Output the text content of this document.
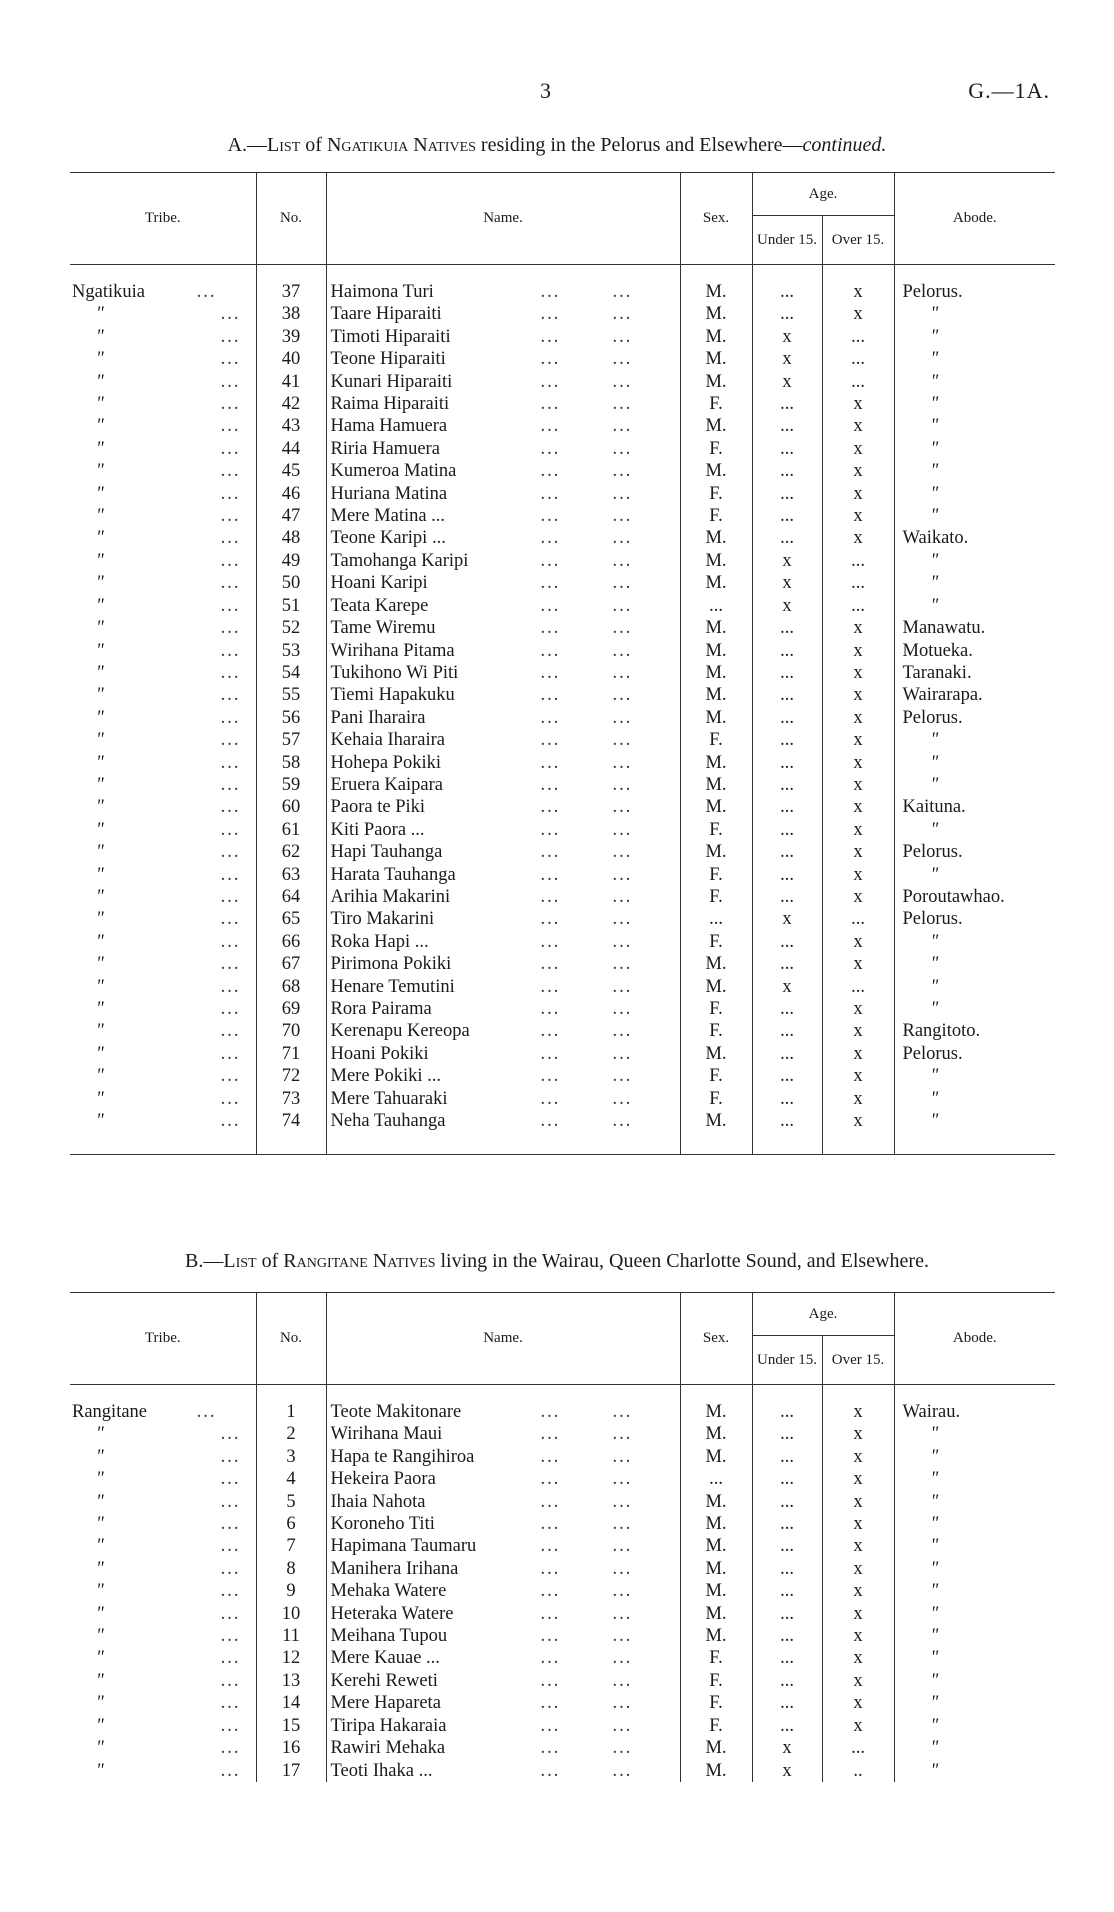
3	G.—1A.
A.—List of Ngatikuia Natives residing in the Pelorus and Elsewhere—continued.
Tribe.	No.	Name.	Sex.	Age.		Abode.
				Under 15.	Over 15.	

Ngatikuia ...	37	Haimona Turi ... ...	M.	...	x	Pelorus.
" ...	38	Taare Hiparaiti ... ...	M.	...	x	"
" ...	39	Timoti Hiparaiti ... ...	M.	x	...	"
" ...	40	Teone Hiparaiti ... ...	M.	x	...	"
" ...	41	Kunari Hiparaiti ... ...	M.	x	...	"
" ...	42	Raima Hiparaiti ... ...	F.	...	x	"
" ...	43	Hama Hamuera ... ...	M.	...	x	"
" ...	44	Riria Hamuera ... ...	F.	...	x	"
" ...	45	Kumeroa Matina ... ...	M.	...	x	"
" ...	46	Huriana Matina ... ...	F.	...	x	"
" ...	47	Mere Matina ... ... ...	F.	...	x	"
" ...	48	Teone Karipi ... ... ...	M.	...	x	Waikato.
" ...	49	Tamohanga Karipi ... ...	M.	x	...	"
" ...	50	Hoani Karipi ... ...	M.	x	...	"
" ...	51	Teata Karepe ... ...	...	x	...	"
" ...	52	Tame Wiremu ... ...	M.	...	x	Manawatu.
" ...	53	Wirihana Pitama ... ...	M.	...	x	Motueka.
" ...	54	Tukihono Wi Piti ... ...	M.	...	x	Taranaki.
" ...	55	Tiemi Hapakuku ... ...	M.	...	x	Wairarapa.
" ...	56	Pani Iharaira ... ...	M.	...	x	Pelorus.
" ...	57	Kehaia Iharaira ... ...	F.	...	x	"
" ...	58	Hohepa Pokiki ... ...	M.	...	x	"
" ...	59	Eruera Kaipara ... ...	M.	...	x	"
" ...	60	Paora te Piki ... ...	M.	...	x	Kaituna.
" ...	61	Kiti Paora ... ... ...	F.	...	x	"
" ...	62	Hapi Tauhanga ... ...	M.	...	x	Pelorus.
" ...	63	Harata Tauhanga ... ...	F.	...	x	"
" ...	64	Arihia Makarini ... ...	F.	...	x	Poroutawhao.
" ...	65	Tiro Makarini ... ...	...	x	...	Pelorus.
" ...	66	Roka Hapi ... ... ...	F.	...	x	"
" ...	67	Pirimona Pokiki ... ...	M.	...	x	"
" ...	68	Henare Temutini ... ...	M.	x	...	"
" ...	69	Rora Pairama ... ...	F.	...	x	"
" ...	70	Kerenapu Kereopa ... ...	F.	...	x	Rangitoto.
" ...	71	Hoani Pokiki ... ...	M.	...	x	Pelorus.
" ...	72	Mere Pokiki ... ... ...	F.	...	x	"
" ...	73	Mere Tahuaraki ... ...	F.	...	x	"
" ...	74	Neha Tauhanga ... ...	M.	...	x	"

B.—List of Rangitane Natives living in the Wairau, Queen Charlotte Sound, and Elsewhere.
Tribe.	No.	Name.	Sex.	Age.		Abode.
				Under 15.	Over 15.	

Rangitane ...	1	Teote Makitonare ... ...	M.	...	x	Wairau.
" ...	2	Wirihana Maui ... ...	M.	...	x	"
" ...	3	Hapa te Rangihiroa ... ...	M.	...	x	"
" ...	4	Hekeira Paora ... ...	...	...	x	"
" ...	5	Ihaia Nahota ... ...	M.	...	x	"
" ...	6	Koroneho Titi ... ...	M.	...	x	"
" ...	7	Hapimana Taumaru ... ...	M.	...	x	"
" ...	8	Manihera Irihana ... ...	M.	...	x	"
" ...	9	Mehaka Watere ... ...	M.	...	x	"
" ...	10	Heteraka Watere ... ...	M.	...	x	"
" ...	11	Meihana Tupou ... ...	M.	...	x	"
" ...	12	Mere Kauae ... ... ...	F.	...	x	"
" ...	13	Kerehi Reweti ... ...	F.	...	x	"
" ...	14	Mere Hapareta ... ...	F.	...	x	"
" ...	15	Tiripa Hakaraia ... ...	F.	...	x	"
" ...	16	Rawiri Mehaka ... ...	M.	x	...	"
" ...	17	Teoti Ihaka ... ... ...	M.	x	..	"
